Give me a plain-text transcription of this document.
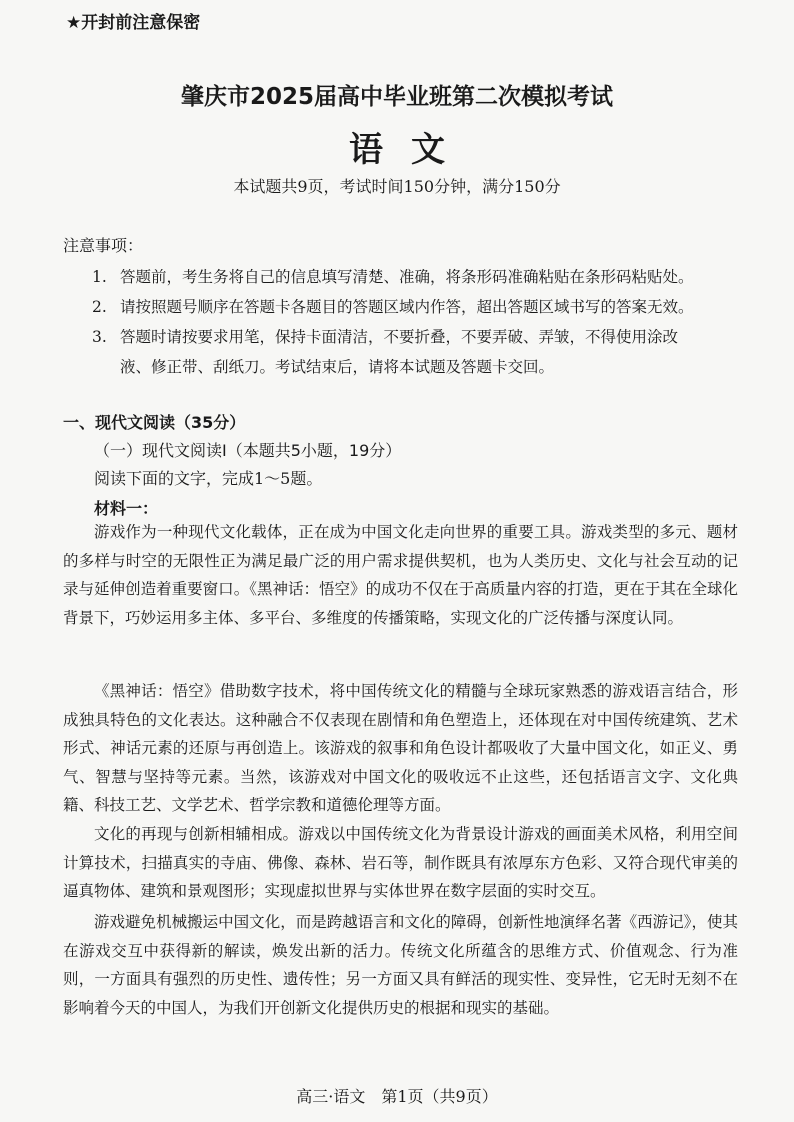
★开封前注意保密
肇庆市2025届高中毕业班第二次模拟考试
语文
本试题共9页，考试时间150分钟，满分150分
注意事项：
1. 答题前，考生务将自己的信息填写清楚、准确，将条形码准确粘贴在条形码粘贴处。
2. 请按照题号顺序在答题卡各题目的答题区域内作答，超出答题区域书写的答案无效。
3. 答题时请按要求用笔，保持卡面清洁，不要折叠，不要弄破、弄皱，不得使用涂改
液、修正带、刮纸刀。考试结束后，请将本试题及答题卡交回。
一、现代文阅读（35分）
（一）现代文阅读Ⅰ（本题共5小题，19分）
阅读下面的文字，完成1～5题。
材料一：
游戏作为一种现代文化载体，正在成为中国文化走向世界的重要工具。游戏类型的多元、题材的多样与时空的无限性正为满足最广泛的用户需求提供契机，也为人类历史、文化与社会互动的记录与延伸创造着重要窗口。《黑神话：悟空》的成功不仅在于高质量内容的打造，更在于其在全球化背景下，巧妙运用多主体、多平台、多维度的传播策略，实现文化的广泛传播与深度认同。
《黑神话：悟空》借助数字技术，将中国传统文化的精髓与全球玩家熟悉的游戏语言结合，形成独具特色的文化表达。这种融合不仅表现在剧情和角色塑造上，还体现在对中国传统建筑、艺术形式、神话元素的还原与再创造上。该游戏的叙事和角色设计都吸收了大量中国文化，如正义、勇气、智慧与坚持等元素。当然，该游戏对中国文化的吸收远不止这些，还包括语言文字、文化典籍、科技工艺、文学艺术、哲学宗教和道德伦理等方面。
文化的再现与创新相辅相成。游戏以中国传统文化为背景设计游戏的画面美术风格，利用空间计算技术，扫描真实的寺庙、佛像、森林、岩石等，制作既具有浓厚东方色彩、又符合现代审美的逼真物体、建筑和景观图形；实现虚拟世界与实体世界在数字层面的实时交互。
游戏避免机械搬运中国文化，而是跨越语言和文化的障碍，创新性地演绎名著《西游记》，使其在游戏交互中获得新的解读，焕发出新的活力。传统文化所蕴含的思维方式、价值观念、行为准则，一方面具有强烈的历史性、遗传性；另一方面又具有鲜活的现实性、变异性，它无时无刻不在影响着今天的中国人，为我们开创新文化提供历史的根据和现实的基础。
高三·语文　第1页（共9页）
